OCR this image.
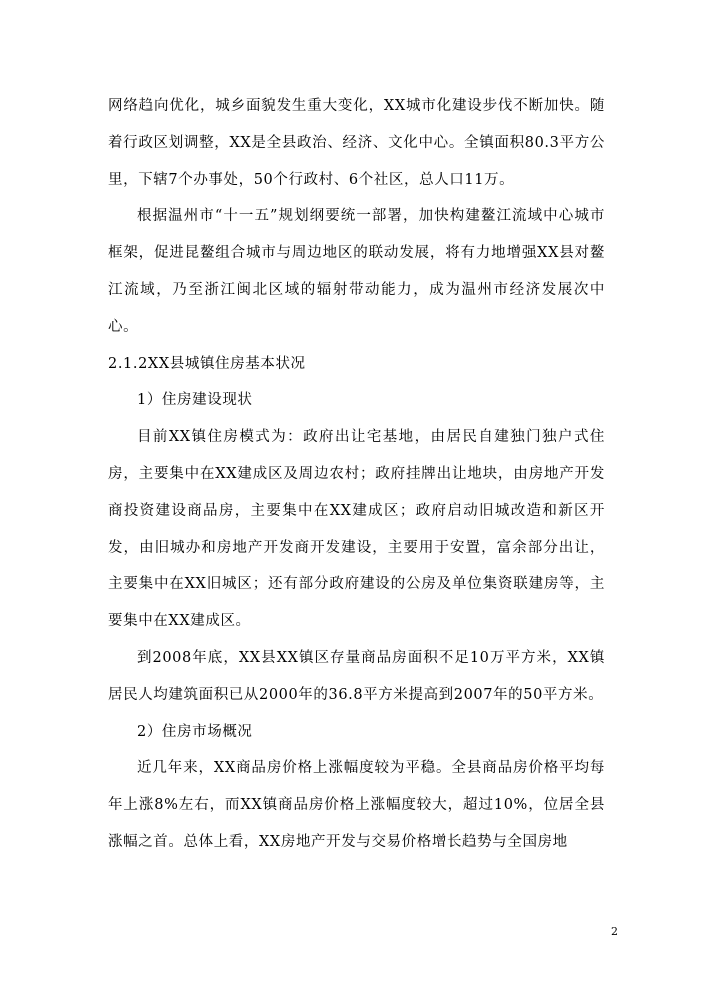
网络趋向优化，城乡面貌发生重大变化，XX城市化建设步伐不断加快。随着行政区划调整，XX是全县政治、经济、文化中心。全镇面积80.3平方公里，下辖7个办事处，50个行政村、6个社区，总人口11万。

根据温州市“十一五”规划纲要统一部署，加快构建鳌江流域中心城市框架，促进昆鳌组合城市与周边地区的联动发展，将有力地增强XX县对鳌江流域，乃至浙江闽北区域的辐射带动能力，成为温州市经济发展次中心。

2.1.2XX县城镇住房基本状况

1）住房建设现状

目前XX镇住房模式为：政府出让宅基地，由居民自建独门独户式住房，主要集中在XX建成区及周边农村；政府挂牌出让地块，由房地产开发商投资建设商品房，主要集中在XX建成区；政府启动旧城改造和新区开发，由旧城办和房地产开发商开发建设，主要用于安置，富余部分出让，主要集中在XX旧城区；还有部分政府建设的公房及单位集资联建房等，主要集中在XX建成区。

到2008年底，XX县XX镇区存量商品房面积不足10万平方米，XX镇居民人均建筑面积已从2000年的36.8平方米提高到2007年的50平方米。

2）住房市场概况

近几年来，XX商品房价格上涨幅度较为平稳。全县商品房价格平均每年上涨8%左右，而XX镇商品房价格上涨幅度较大，超过10%，位居全县涨幅之首。总体上看，XX房地产开发与交易价格增长趋势与全国房地

2
